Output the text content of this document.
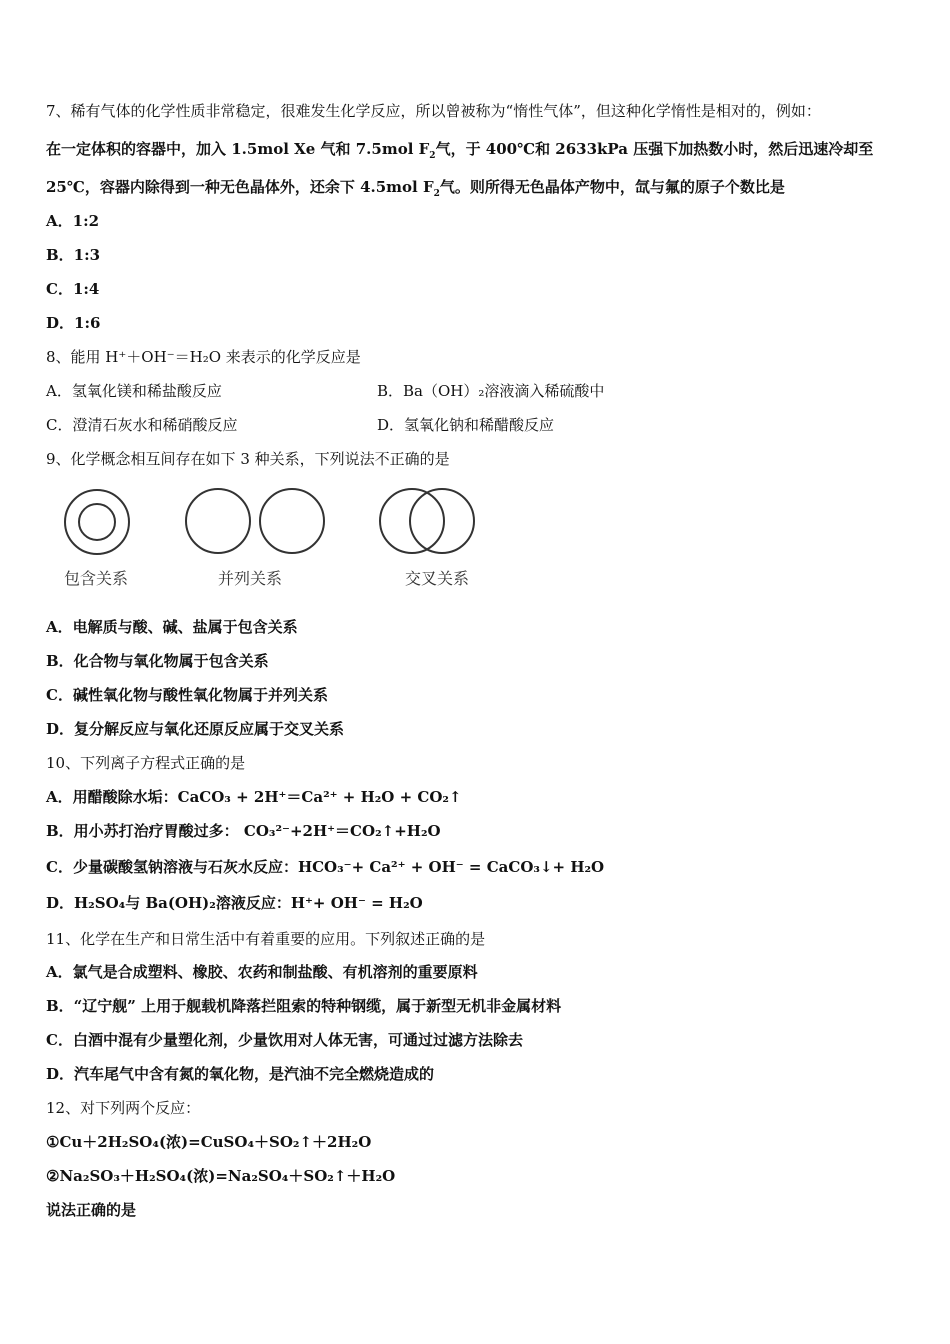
7、稀有气体的化学性质非常稳定，很难发生化学反应，所以曾被称为“惰性气体”，但这种化学惰性是相对的，例如：
在一定体积的容器中，加入 1.5mol Xe 气和 7.5mol $F_2$气，于 400℃和 2633kPa 压强下加热数小时，然后迅速冷却至
25℃，容器内除得到一种无色晶体外，还余下 4.5mol $F_2$气。则所得无色晶体产物中，氙与氟的原子个数比是
A．1:2
B．1:3
C．1:4
D．1:6
8、能用 H⁺＋OH⁻＝H₂O 来表示的化学反应是
A．氢氧化镁和稀盐酸反应	B．Ba（OH）₂溶液滴入稀硫酸中
C．澄清石灰水和稀硝酸反应	D．氢氧化钠和稀醋酸反应
9、化学概念相互间存在如下 3 种关系，下列说法不正确的是
包含关系	并列关系	交叉关系
A．电解质与酸、碱、盐属于包含关系
B．化合物与氧化物属于包含关系
C．碱性氧化物与酸性氧化物属于并列关系
D．复分解反应与氧化还原反应属于交叉关系
10、下列离子方程式正确的是
A．用醋酸除水垢：CaCO₃ + 2H⁺＝Ca²⁺ + H₂O + CO₂↑
B．用小苏打治疗胃酸过多： CO₃²⁻+2H⁺＝CO₂↑+H₂O
C．少量碳酸氢钠溶液与石灰水反应：HCO₃⁻+ Ca²⁺ + OH⁻ = CaCO₃↓+ H₂O
D．H₂SO₄与 Ba(OH)₂溶液反应：H⁺+ OH⁻ = H₂O
11、化学在生产和日常生活中有着重要的应用。下列叙述正确的是
A．氯气是合成塑料、橡胶、农药和制盐酸、有机溶剂的重要原料
B．“辽宁舰” 上用于舰载机降落拦阻索的特种钢缆，属于新型无机非金属材料
C．白酒中混有少量塑化剂，少量饮用对人体无害，可通过过滤方法除去
D．汽车尾气中含有氮的氧化物，是汽油不完全燃烧造成的
12、对下列两个反应：
①Cu＋2H₂SO₄(浓)=CuSO₄＋SO₂↑＋2H₂O
②Na₂SO₃＋H₂SO₄(浓)=Na₂SO₄＋SO₂↑＋H₂O
说法正确的是
